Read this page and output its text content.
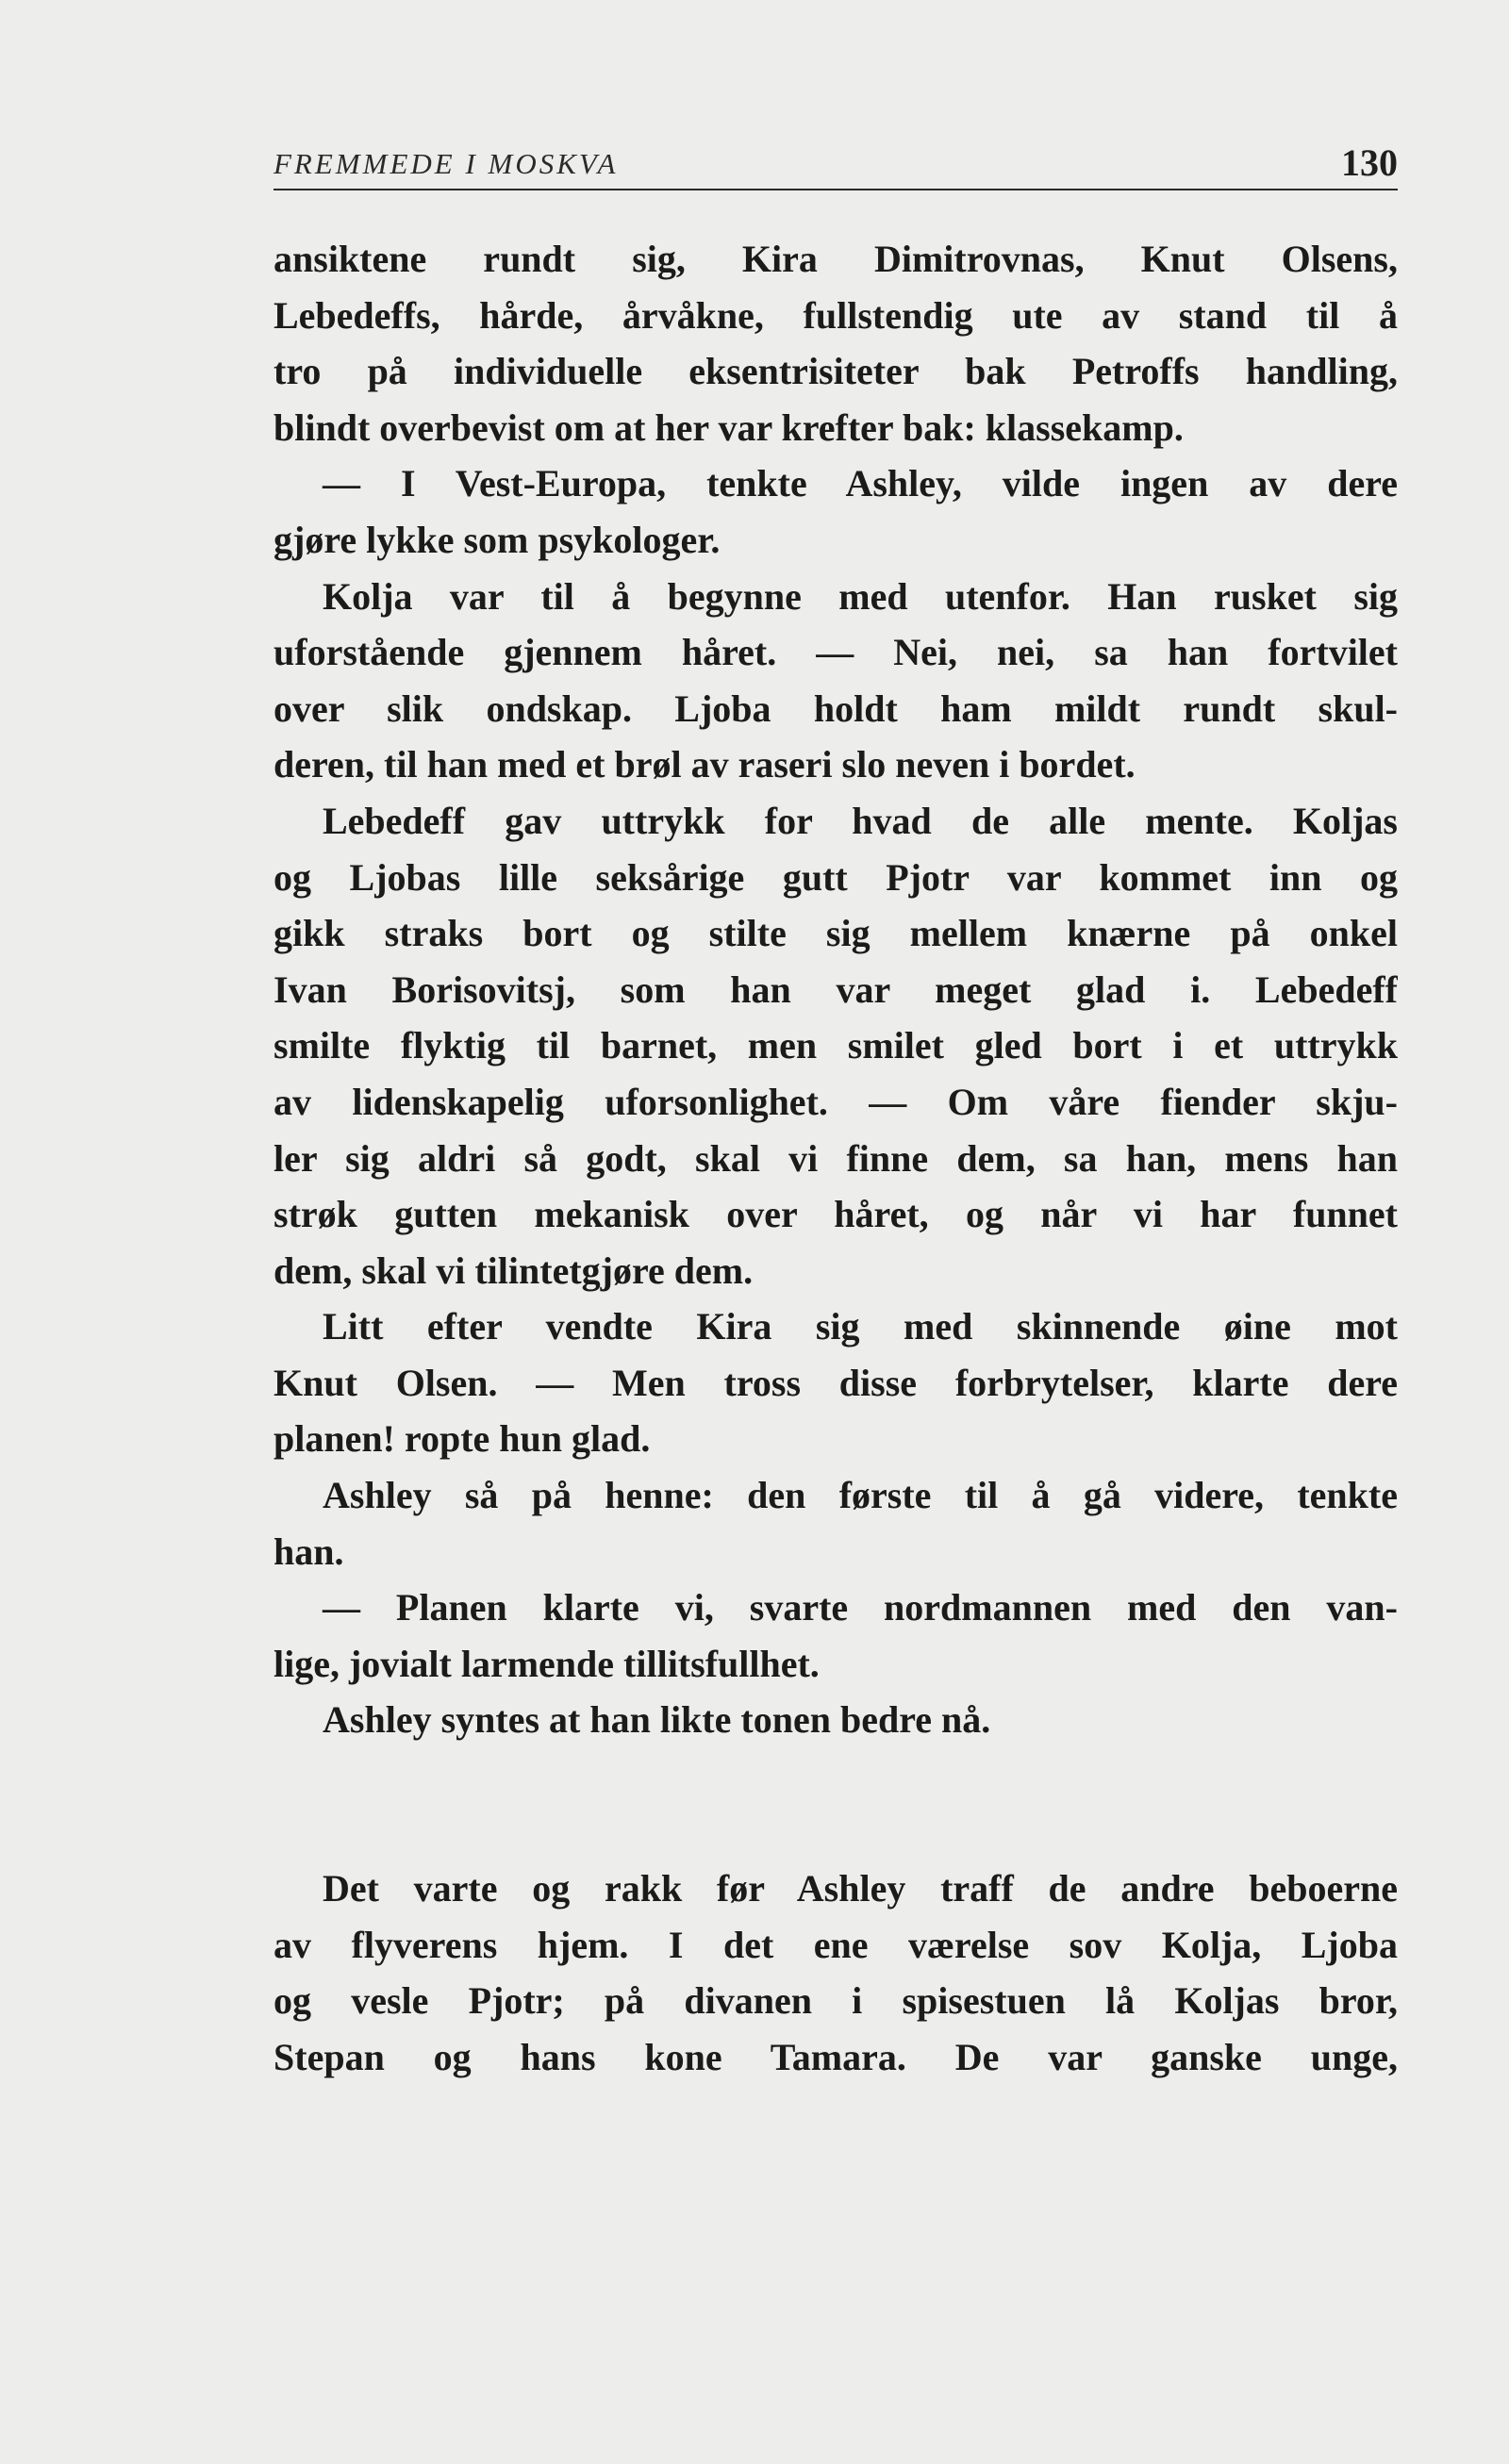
FREMMEDE I MOSKVA	130
ansiktene rundt sig, Kira Dimitrovnas, Knut Olsens,
Lebedeffs, hårde, årvåkne, fullstendig ute av stand til å
tro på individuelle eksentrisiteter bak Petroffs handling,
blindt overbevist om at her var krefter bak: klassekamp.
— I Vest-Europa, tenkte Ashley, vilde ingen av dere
gjøre lykke som psykologer.
Kolja var til å begynne med utenfor. Han rusket sig
uforstående gjennem håret. — Nei, nei, sa han fortvilet
over slik ondskap. Ljoba holdt ham mildt rundt skul-
deren, til han med et brøl av raseri slo neven i bordet.
Lebedeff gav uttrykk for hvad de alle mente. Koljas
og Ljobas lille seksårige gutt Pjotr var kommet inn og
gikk straks bort og stilte sig mellem knærne på onkel
Ivan Borisovitsj, som han var meget glad i. Lebedeff
smilte flyktig til barnet, men smilet gled bort i et uttrykk
av lidenskapelig uforsonlighet. — Om våre fiender skju-
ler sig aldri så godt, skal vi finne dem, sa han, mens han
strøk gutten mekanisk over håret, og når vi har funnet
dem, skal vi tilintetgjøre dem.
Litt efter vendte Kira sig med skinnende øine mot
Knut Olsen. — Men tross disse forbrytelser, klarte dere
planen! ropte hun glad.
Ashley så på henne: den første til å gå videre, tenkte
han.
— Planen klarte vi, svarte nordmannen med den van-
lige, jovialt larmende tillitsfullhet.
Ashley syntes at han likte tonen bedre nå.
Det varte og rakk før Ashley traff de andre beboerne
av flyverens hjem. I det ene værelse sov Kolja, Ljoba
og vesle Pjotr; på divanen i spisestuen lå Koljas bror,
Stepan og hans kone Tamara. De var ganske unge,
